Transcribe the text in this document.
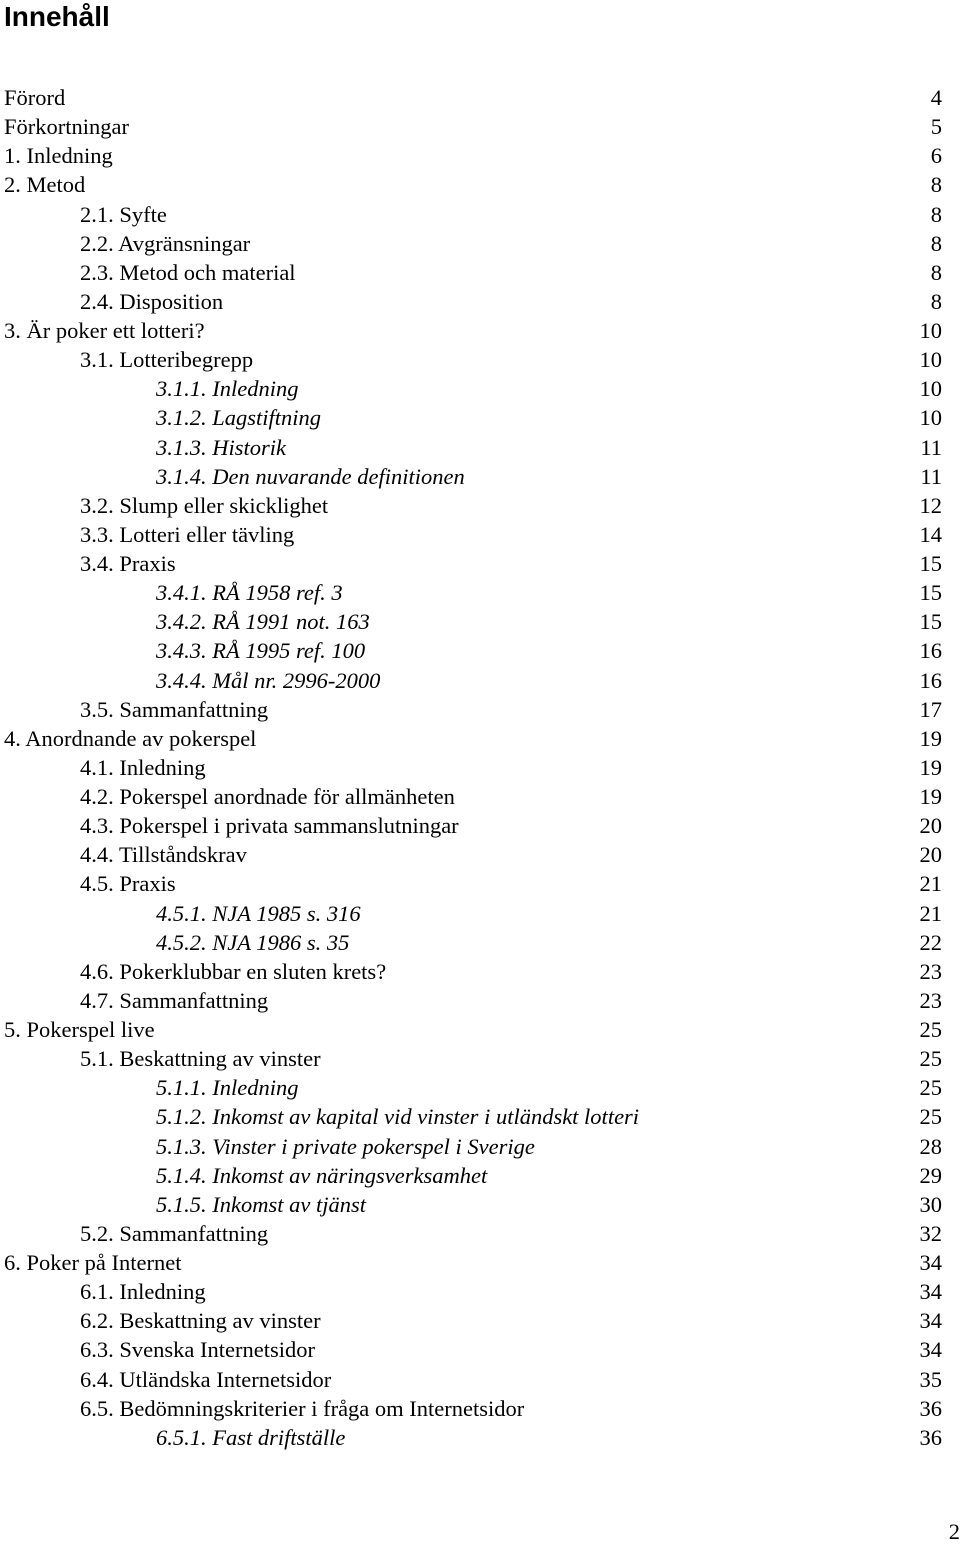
Innehåll
Förord	4
Förkortningar	5
1. Inledning	6
2. Metod	8
2.1. Syfte	8
2.2. Avgränsningar	8
2.3. Metod och material	8
2.4. Disposition	8
3. Är poker ett lotteri?	10
3.1. Lotteribegrepp	10
3.1.1. Inledning	10
3.1.2. Lagstiftning	10
3.1.3. Historik	11
3.1.4. Den nuvarande definitionen	11
3.2. Slump eller skicklighet	12
3.3. Lotteri eller tävling	14
3.4. Praxis	15
3.4.1. RÅ 1958 ref. 3	15
3.4.2. RÅ 1991 not. 163	15
3.4.3. RÅ 1995 ref. 100	16
3.4.4. Mål nr. 2996-2000	16
3.5. Sammanfattning	17
4. Anordnande av pokerspel	19
4.1. Inledning	19
4.2. Pokerspel anordnade för allmänheten	19
4.3. Pokerspel i privata sammanslutningar	20
4.4. Tillståndskrav	20
4.5. Praxis	21
4.5.1. NJA 1985 s. 316	21
4.5.2. NJA 1986 s. 35	22
4.6. Pokerklubbar en sluten krets?	23
4.7. Sammanfattning	23
5. Pokerspel live	25
5.1. Beskattning av vinster	25
5.1.1. Inledning	25
5.1.2. Inkomst av kapital vid vinster i utländskt lotteri	25
5.1.3. Vinster i private pokerspel i Sverige	28
5.1.4. Inkomst av näringsverksamhet	29
5.1.5. Inkomst av tjänst	30
5.2. Sammanfattning	32
6. Poker på Internet	34
6.1. Inledning	34
6.2. Beskattning av vinster	34
6.3. Svenska Internetsidor	34
6.4. Utländska Internetsidor	35
6.5. Bedömningskriterier i fråga om Internetsidor	36
6.5.1. Fast driftställe	36
2
